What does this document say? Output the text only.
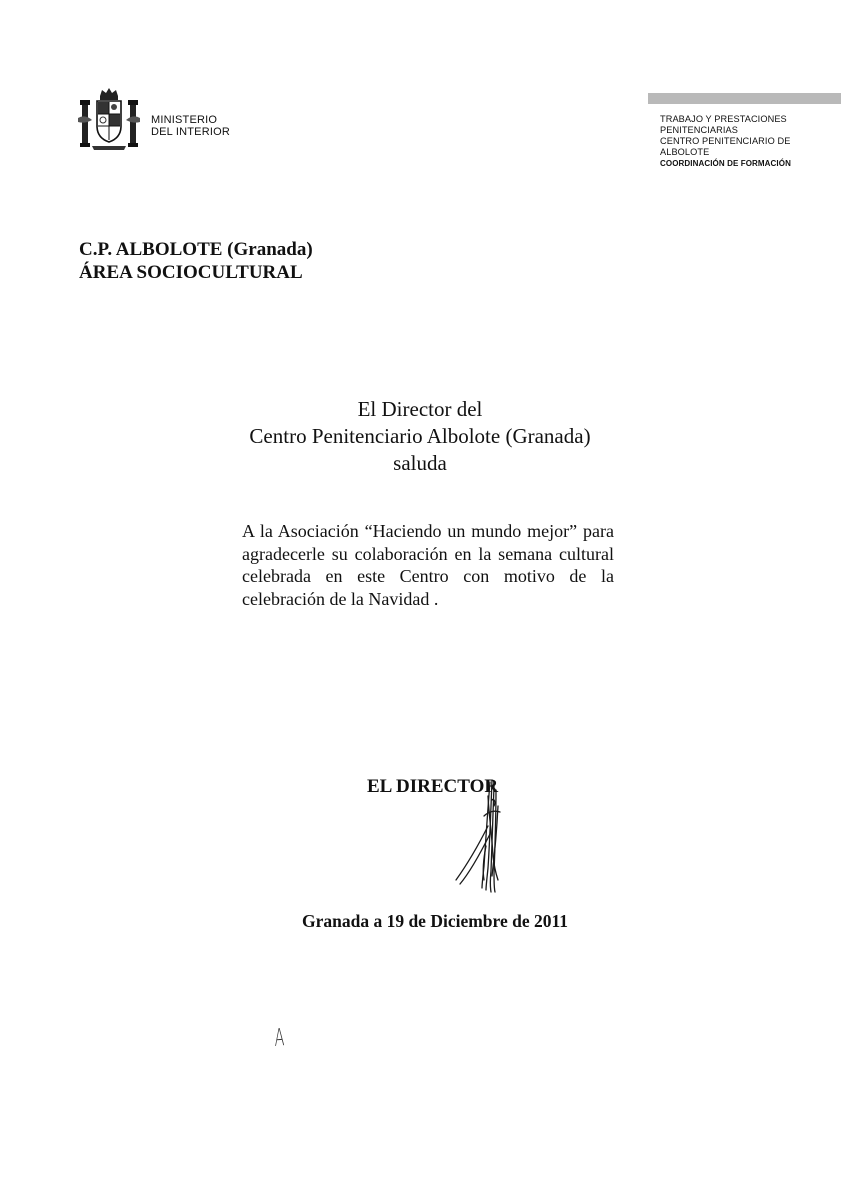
MINISTERIO
DEL INTERIOR
TRABAJO Y PRESTACIONES
PENITENCIARIAS
CENTRO PENITENCIARIO DE
ALBOLOTE
COORDINACIÓN DE FORMACIÓN
C.P. ALBOLOTE (Granada)
ÁREA SOCIOCULTURAL
El Director del
Centro Penitenciario Albolote (Granada)
saluda
A la Asociación “Haciendo un mundo mejor” para agradecerle su colaboración en la semana cultural celebrada en este Centro con motivo de la celebración de la Navidad .
EL DIRECTOR
Granada a 19 de Diciembre de 2011
A
